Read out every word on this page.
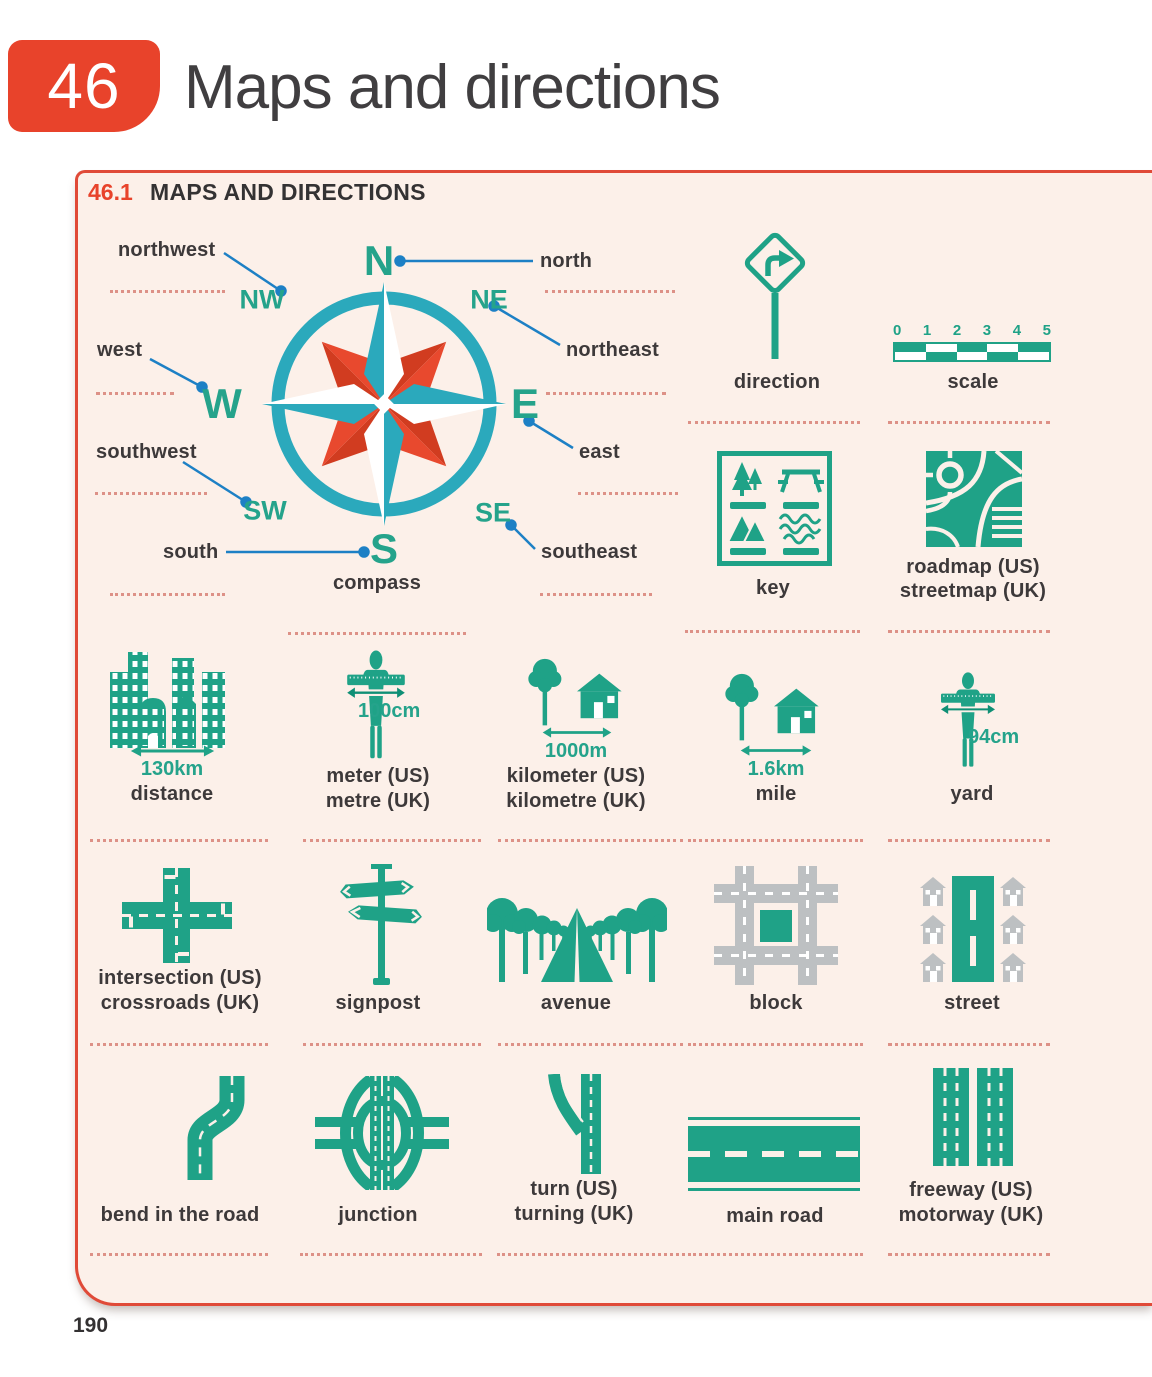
46 Maps and directions
46.1 MAPS AND DIRECTIONS
N
NE
E
SE
S
SW
W
NW
northwest	north
west	northeast
southwest	east
south	southeast
compass
direction
0 1 2 3 4 5
scale
key
roadmap (US)
streetmap (UK)
130km
distance
100cm
meter (US)
metre (UK)
1000m
kilometer (US)
kilometre (UK)
1.6km
mile
94cm
yard
intersection (US)
crossroads (UK)	signpost	avenue	block	street
bend in the road	junction
turn (US)
turning (UK)	main road
freeway (US)
motorway (UK)
190
